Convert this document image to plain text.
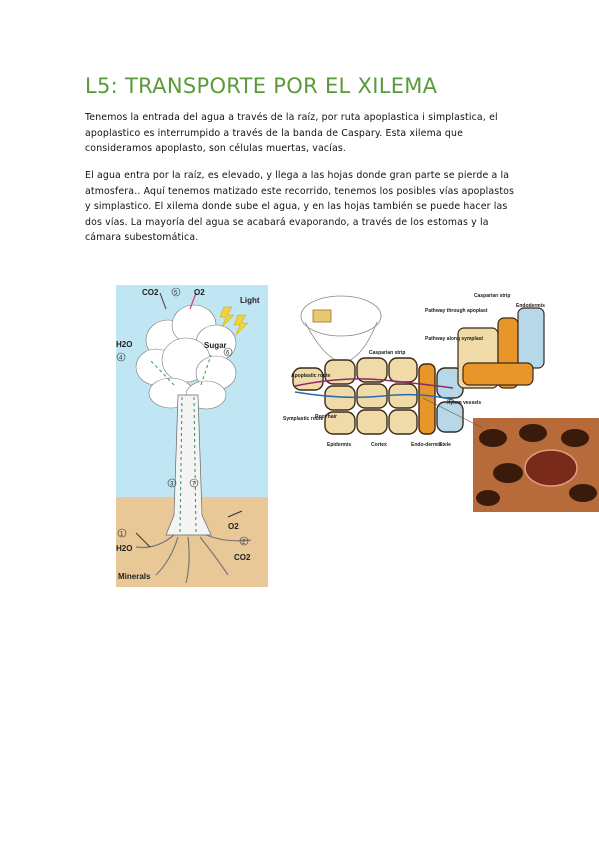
L5: TRANSPORTE POR EL XILEMA
Tenemos la entrada del agua a través de la raíz, por ruta apoplastica i simplastica, el apoplastico es interrumpido a través de la banda de Caspary. Esta xilema que consideramos apoplasto, son células muertas, vacías.
El agua entra por la raíz, es elevado, y llega a las hojas donde gran parte se pierde a la atmosfera.. Aquí tenemos matizado este recorrido, tenemos los posibles vías apoplastos y simplastico. El xilema donde sube el agua, y en las hojas también se puede hacer las dos vías. La mayoría del agua se acabará evaporando, a través de los estomas y la cámara subestomática.
CO2	5 O2
Light
H2O
4
Sugar
6
3	7
O2
2
CO2
1
H2O
Minerals
Casparian strip
Endodermis
Pathway through apoplast
Pathway along symplast
Casparian strip
Apoplastic route
Symplastic route
Root hair
Xylem vessels
Epidermis	Cortex	Endo-dermis
Stele
